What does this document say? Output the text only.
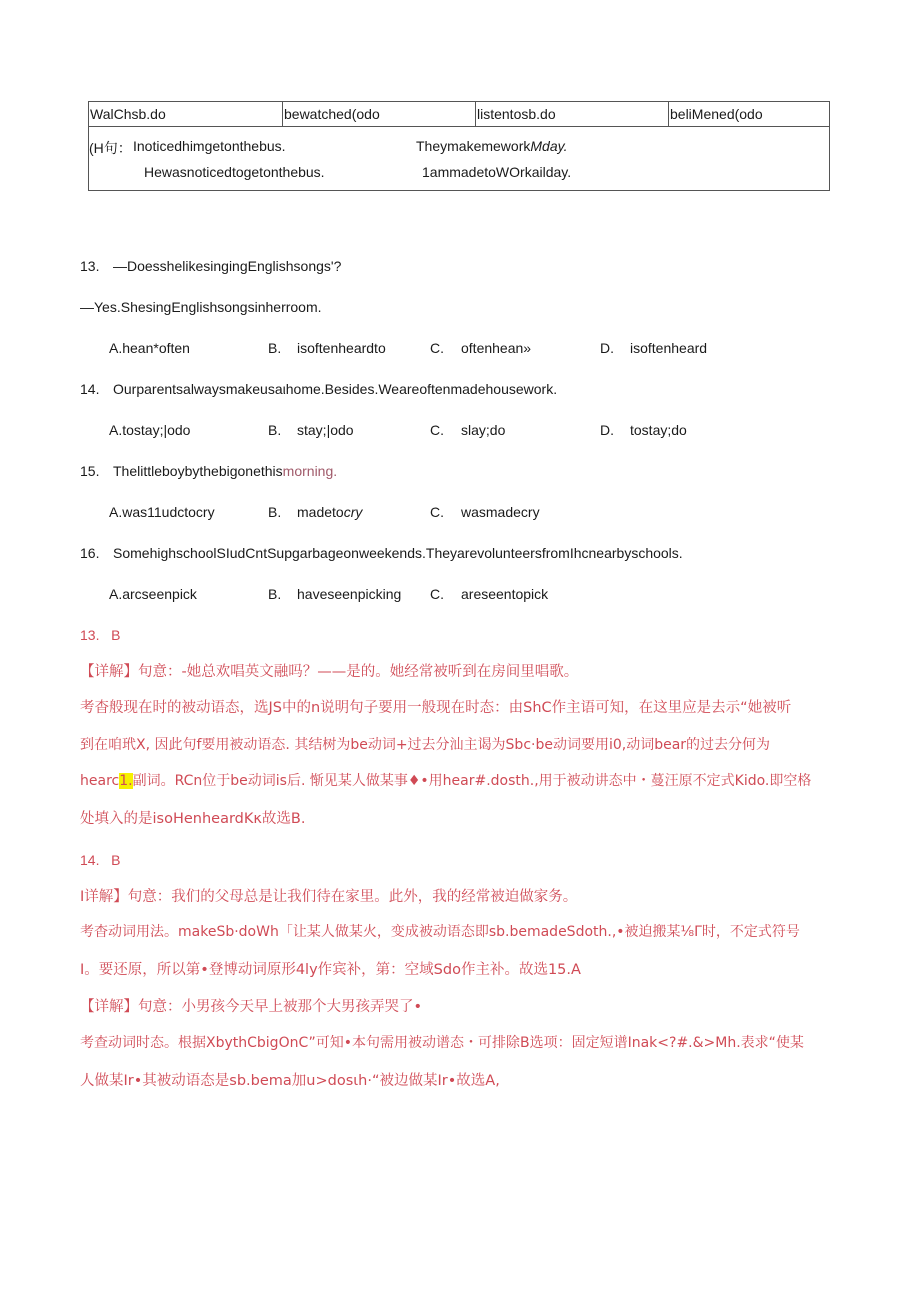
WalChsb.do	bewatched(odo	listentosb.do	beliMened(odo
(H句： Inoticedhimgetonthebus.	TheymakemeworkMday.
Hewasnoticedtogetonthebus.	1ammadetoWOrkailday.
13. —DoesshelikesingingEnglishsongs'?
—Yes.ShesingEnglishsongsinherroom.
A.hean*often	B. isoftenheardto	C. oftenhean»	D. isoftenheard
14. Ourparentsalwaysmakeusaιhome.Besides.Weareoftenmadehousework.
A.tostay;|odo	B. stay;|odo	C. slay;do	D. tostay;do
15. Thelittleboybythebigonethismorning.
A.was11udctocry	B. madetocry	C. wasmadecry
16. SomehighschoolSIudCntSupgarbageonweekends.TheyarevolunteersfromIhcnearbyschools.
A.arcseenpick	B. haveseenpicking C. areseentopick
13.   B
【详解】句意：-她总欢唱英文融吗？——是的。她经常被听到在房间里唱歌。
考杳般现在时的被动语态，选JS中的n说明句子要用一般现在时态：由ShC作主语可知，在这里应是去示“她被听
到在咱玳X, 因此句f要用被动语态. 其结树为be动词+过去分汕主谒为Sbc·be动词要用i0,动词bear的过去分何为
hearc1.副词。RCn位于be动词is后. 惭见某人做某事♦•用hear#.dosth.,用于被动讲态中・蔓汪原不定式Kido.即空格
处填入的是isoHenheardKκ故选B.
14.   B
I详解】句意：我们的父母总是让我们待在家里。此外，我的经常被迫做家务。
考杳动词用法。makeSb·doWh「让某人做某火，变成被动语态即sb.bemadeSdoth.,•被迫搬某⅛Γ时，不定式符号
I。要还原，所以第•登博动词原形4ly作宾补，第：空域Sdo作主补。故选15.A
【详解】句意：小男孩今天早上被那个大男孩弄哭了•
考查动词时态。根据XbythCbigOnC”可知•本句需用被动谱态・可排除B选项：固定短谱Inak<?#.&>Mh.表求“使某
人做某Ir•其被动语态是sb.bema加u>dosιh·“被边做某Ir•故选A,
